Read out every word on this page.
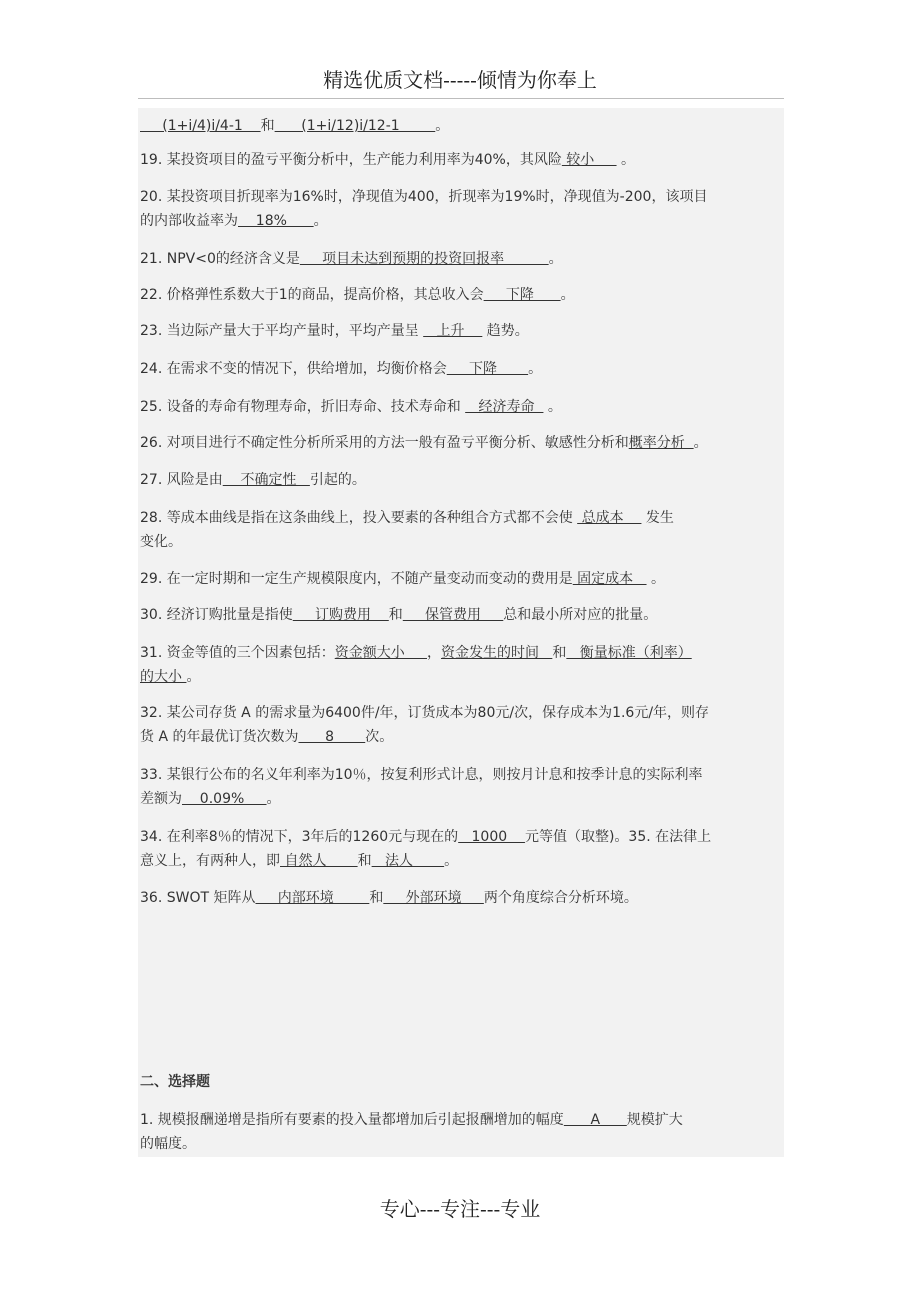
精选优质文档-----倾情为你奉上
(1+i/4)i/4-1    和      (1+i/12)i/12-1        。
19. 某投资项目的盈亏平衡分析中，生产能力利用率为40%，其风险 较小      。
20. 某投资项目折现率为16%时，净现值为400，折现率为19%时，净现值为-200，该项目
的内部收益率为    18%      。
21. NPV<0的经济含义是     项目未达到预期的投资回报率          。
22. 价格弹性系数大于1的商品，提高价格，其总收入会     下降      。
23. 当边际产量大于平均产量时，平均产量呈    上升     趋势。
24. 在需求不变的情况下，供给增加，均衡价格会     下降       。
25. 设备的寿命有物理寿命，折旧寿命、技术寿命和    经济寿命   。
26. 对项目进行不确定性分析所采用的方法一般有盈亏平衡分析、敏感性分析和概率分析  。
27. 风险是由    不确定性   引起的。
28. 等成本曲线是指在这条曲线上，投入要素的各种组合方式都不会使  总成本     发生
变化。
29. 在一定时期和一定生产规模限度内，不随产量变动而变动的费用是 固定成本    。
30. 经济订购批量是指使     订购费用    和     保管费用     总和最小所对应的批量。
31. 资金等值的三个因素包括：资金额大小     ，资金发生的时间   和   衡量标准（利率）
的大小 。
32. 某公司存货 A 的需求量为6400件/年，订货成本为80元/次，保存成本为1.6元/年，则存
货 A 的年最优订货次数为      8       次。
33. 某银行公布的名义年利率为10％，按复利形式计息，则按月计息和按季计息的实际利率
差额为    0.09%     。
34. 在利率8％的情况下，3年后的1260元与现在的   1000    元等值（取整)。35. 在法律上
意义上，有两种人，即 自然人       和   法人       。
36. SWOT 矩阵从     内部环境        和     外部环境     两个角度综合分析环境。
二、选择题
1. 规模报酬递增是指所有要素的投入量都增加后引起报酬增加的幅度      A      规模扩大
的幅度。
专心---专注---专业
